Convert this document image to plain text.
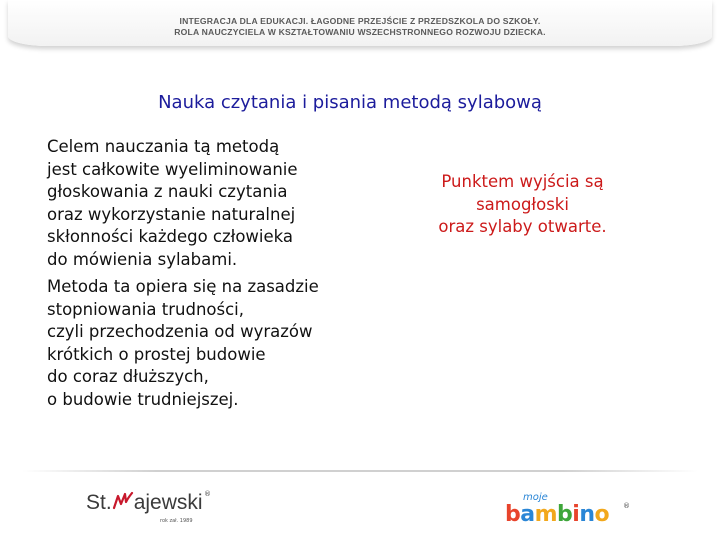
INTEGRACJA DLA EDUKACJI. ŁAGODNE PRZEJŚCIE Z PRZEDSZKOLA DO SZKOŁY.
ROLA NAUCZYCIELA W KSZTAŁTOWANIU WSZECHSTRONNEGO ROZWOJU DZIECKA.
Nauka czytania i pisania metodą sylabową
Celem nauczania tą metodą
jest całkowite wyeliminowanie
głoskowania z nauki czytania
oraz wykorzystanie naturalnej
skłonności każdego człowieka
do mówienia sylabami.
Metoda ta opiera się na zasadzie
stopniowania trudności,
czyli przechodzenia od wyrazów
krótkich o prostej budowie
do coraz dłuższych,
o budowie trudniejszej.
Punktem wyjścia są
samogłoski
oraz sylaby otwarte.
St. ajewski ®
rok zał. 1989
moje
bambino ®
